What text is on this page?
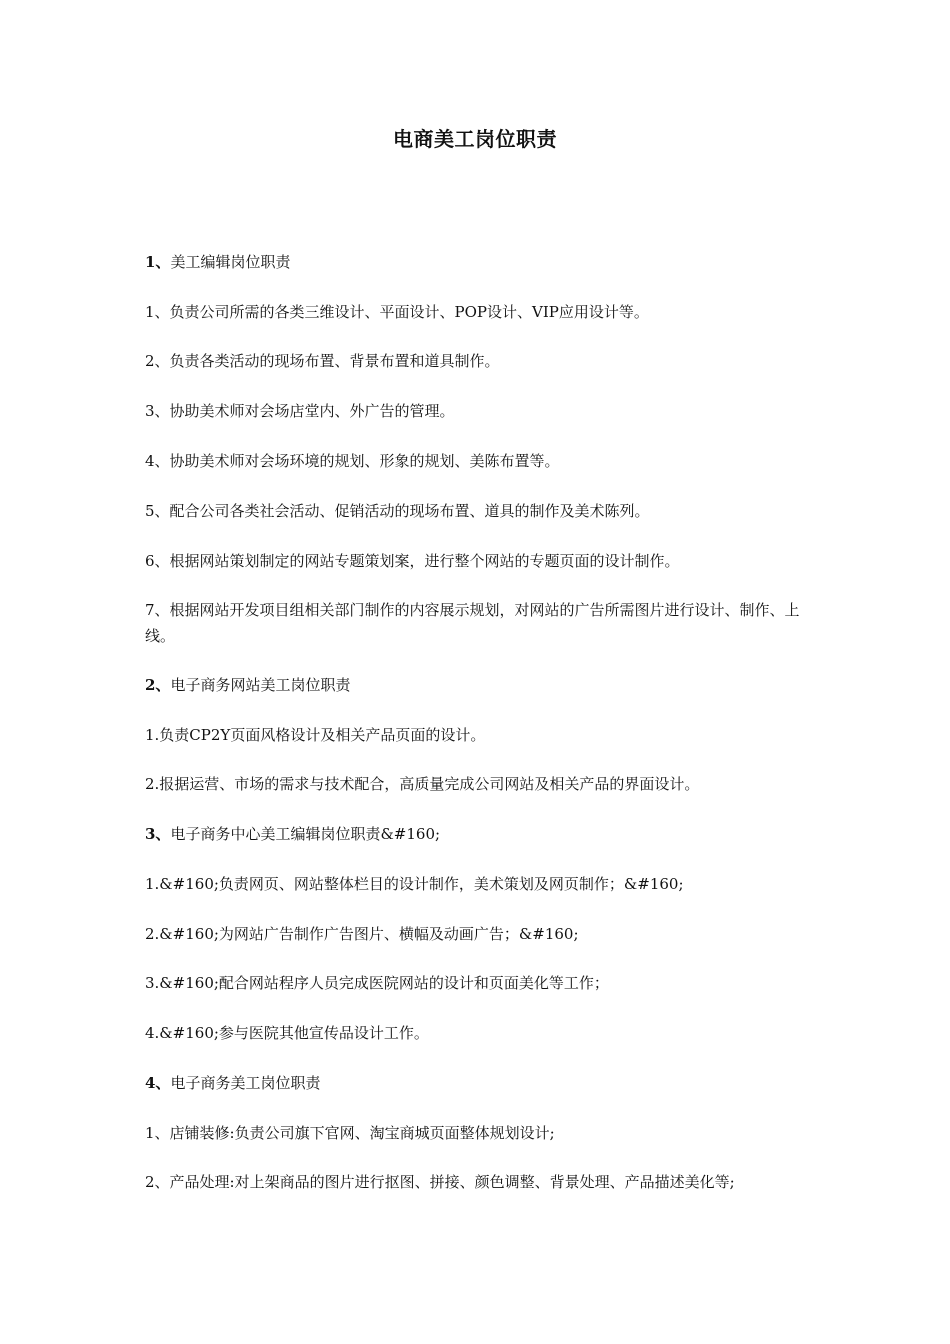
电商美工岗位职责
1、美工编辑岗位职责
1、负责公司所需的各类三维设计、平面设计、POP设计、VIP应用设计等。
2、负责各类活动的现场布置、背景布置和道具制作。
3、协助美术师对会场店堂内、外广告的管理。
4、协助美术师对会场环境的规划、形象的规划、美陈布置等。
5、配合公司各类社会活动、促销活动的现场布置、道具的制作及美术陈列。
6、根据网站策划制定的网站专题策划案，进行整个网站的专题页面的设计制作。
7、根据网站开发项目组相关部门制作的内容展示规划，对网站的广告所需图片进行设计、制作、上线。
2、电子商务网站美工岗位职责
1.负责CP2Y页面风格设计及相关产品页面的设计。
2.报据运营、市场的需求与技术配合，高质量完成公司网站及相关产品的界面设计。
3、电子商务中心美工编辑岗位职责&#160;
1.&#160;负责网页、网站整体栏目的设计制作，美术策划及网页制作；&#160;
2.&#160;为网站广告制作广告图片、横幅及动画广告；&#160;
3.&#160;配合网站程序人员完成医院网站的设计和页面美化等工作；
4.&#160;参与医院其他宣传品设计工作。
4、电子商务美工岗位职责
1、店铺装修:负责公司旗下官网、淘宝商城页面整体规划设计;
2、产品处理:对上架商品的图片进行抠图、拼接、颜色调整、背景处理、产品描述美化等;
